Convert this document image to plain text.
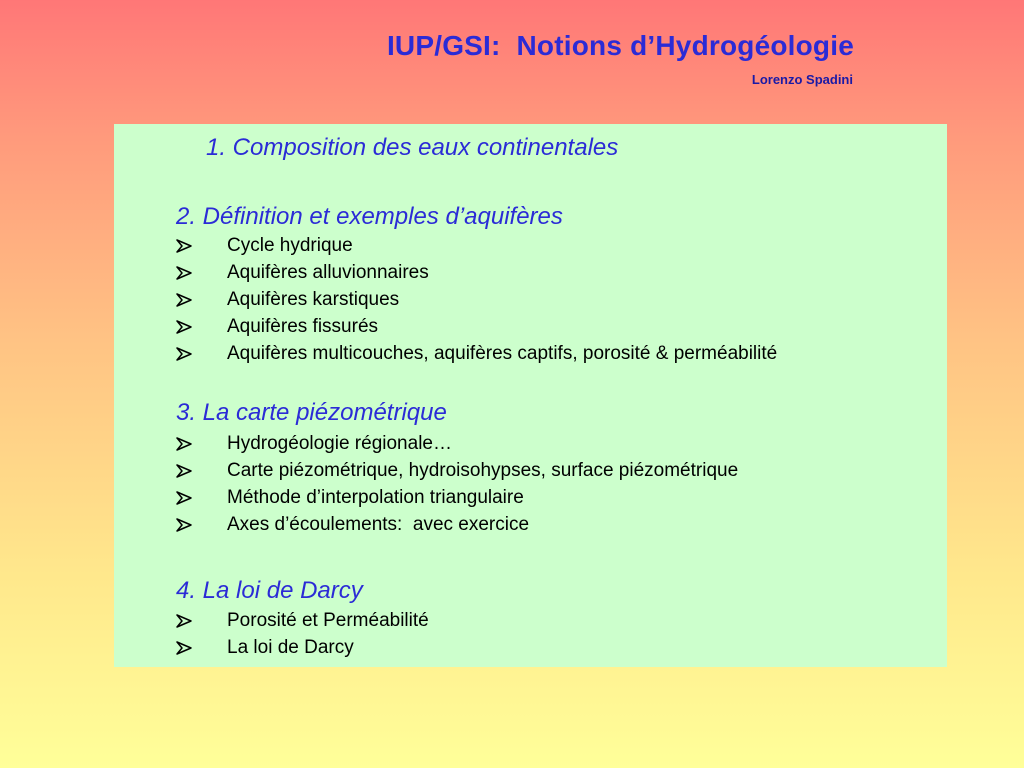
IUP/GSI:  Notions d’Hydrogéologie
Lorenzo Spadini
1. Composition des eaux continentales
2. Définition et exemples d’aquifères

Cycle hydrique

Aquifères alluvionnaires

Aquifères karstiques

Aquifères fissurés

Aquifères multicouches, aquifères captifs, porosité & perméabilité

3. La carte piézométrique

Hydrogéologie régionale…

Carte piézométrique, hydroisohypses, surface piézométrique

Méthode d’interpolation triangulaire

Axes d’écoulements:  avec exercice

4. La loi de Darcy

Porosité et Perméabilité

La loi de Darcy
